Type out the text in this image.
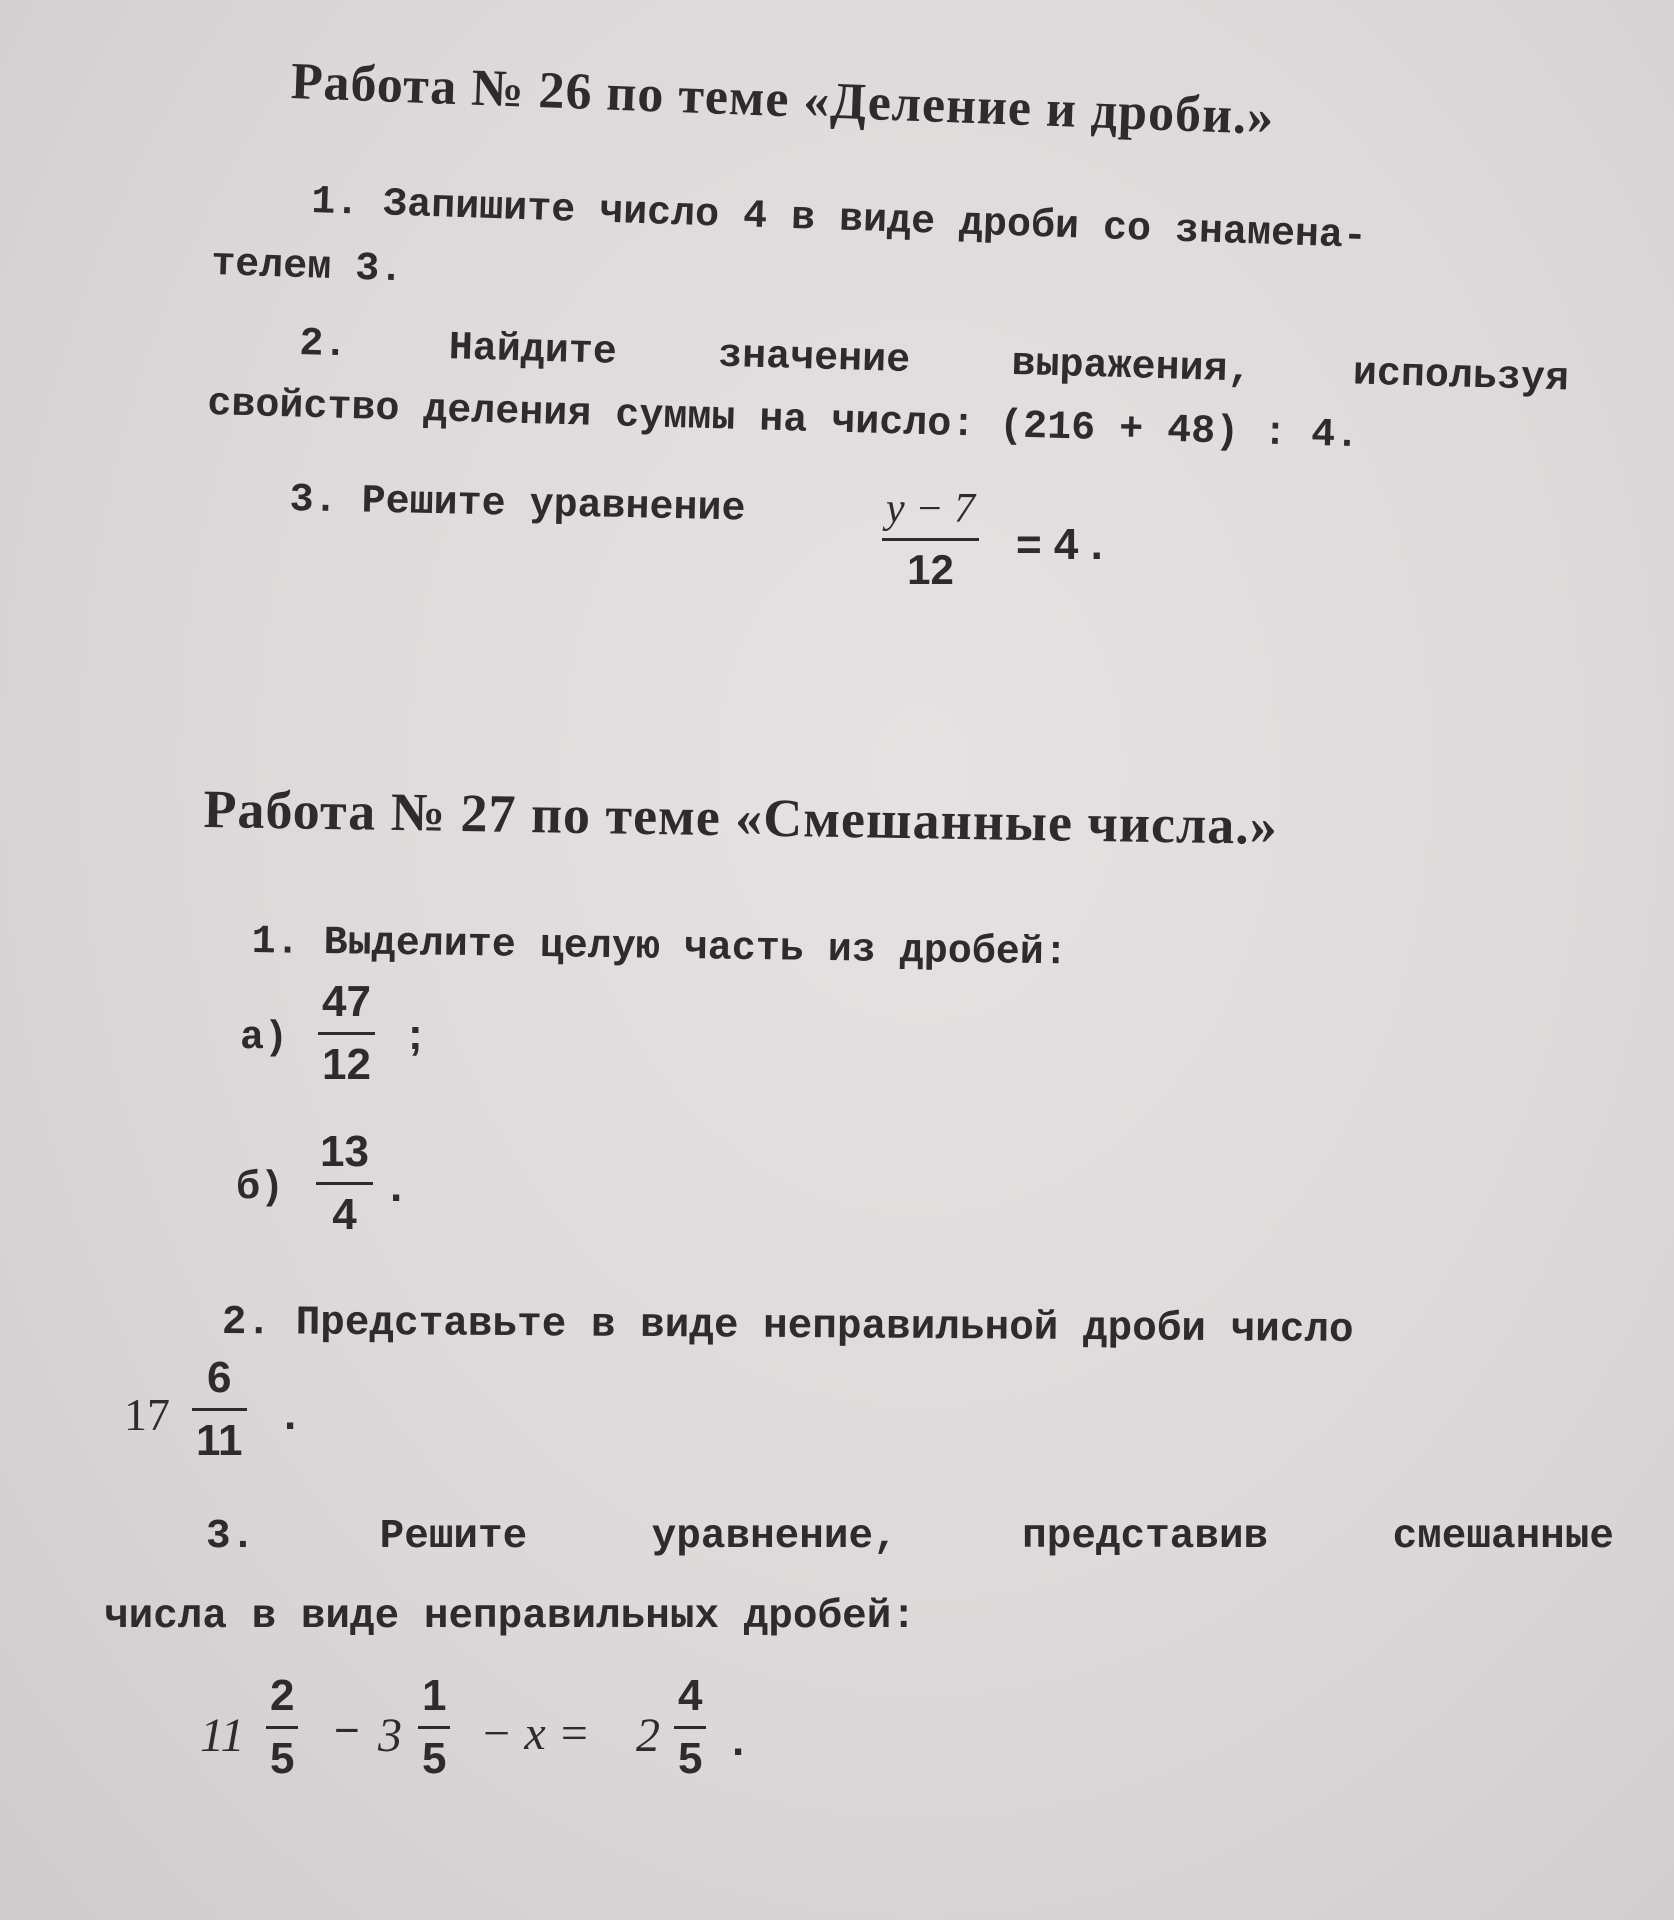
Работа № 26 по теме «Деление и дроби.»
1. Запишите число 4 в виде дроби со знамена-
телем 3.
2.	Найдите	значение	выражения,	используя
свойство деления суммы на число: (216 + 48) : 4.
3. Решите уравнение	y − 7
12
= 4 .
Работа № 27 по теме «Смешанные числа.»
1. Выделите целую часть из дробей:
а)
47
12
;
б)
13
4
.
2. Представьте в виде неправильной дроби число
17
6
11
.
3.	Решите	уравнение,	представив	смешанные
числа в виде неправильных дробей:
11
2
5
− 3
1
5 − x = 2
4
5 .
